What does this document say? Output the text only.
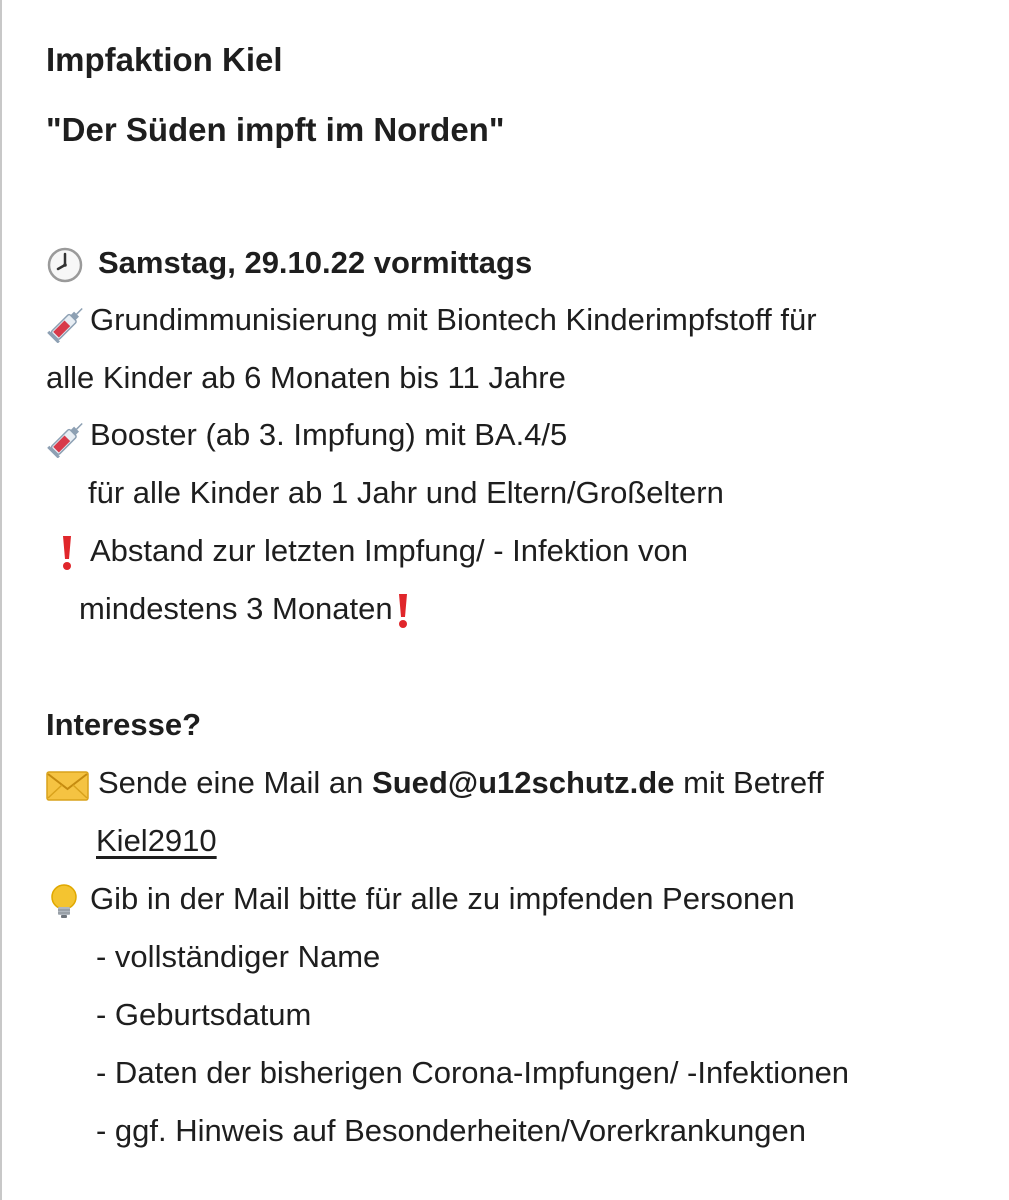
Impfaktion Kiel
"Der Süden impft im Norden"
Samstag, 29.10.22 vormittags
Grundimmunisierung mit Biontech Kinderimpfstoff für
alle Kinder ab 6 Monaten bis 11 Jahre
Booster (ab 3. Impfung) mit BA.4/5
für alle Kinder ab 1 Jahr und Eltern/Großeltern
Abstand zur letzten Impfung/ - Infektion von
mindestens 3 Monaten
Interesse?
Sende eine Mail an Sued@u12schutz.de mit Betreff
Kiel2910
Gib in der Mail bitte für alle zu impfenden Personen
- vollständiger Name
- Geburtsdatum
- Daten der bisherigen Corona-Impfungen/ -Infektionen
- ggf. Hinweis auf Besonderheiten/Vorerkrankungen
